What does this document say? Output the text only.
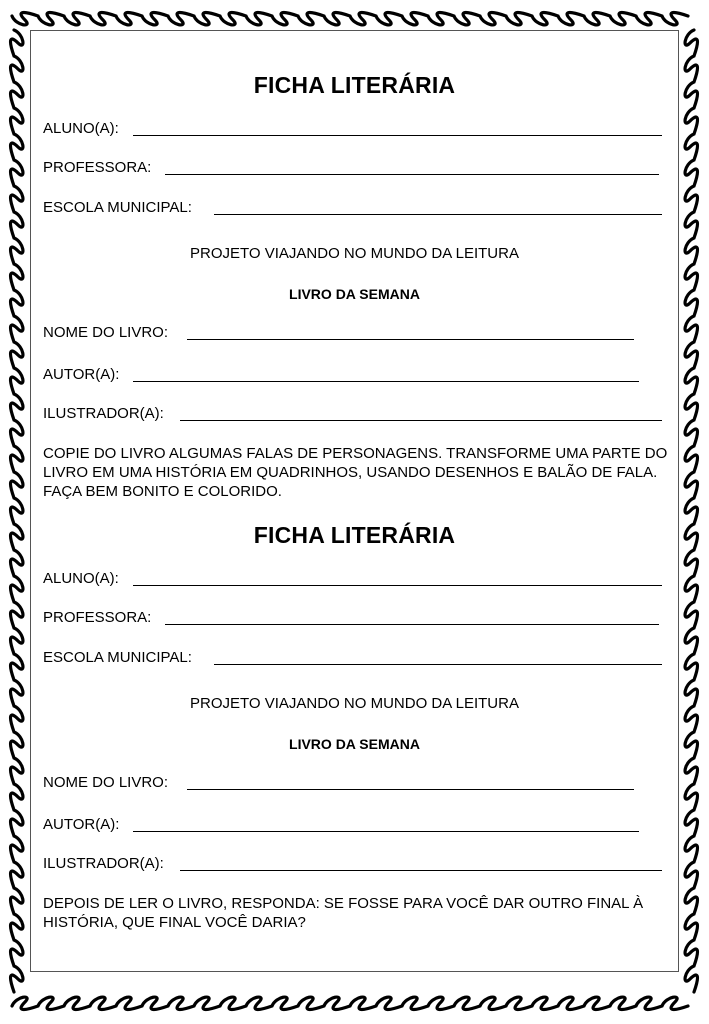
FICHA LITERÁRIA
ALUNO(A):
PROFESSORA:
ESCOLA MUNICIPAL:
PROJETO VIAJANDO NO MUNDO DA LEITURA
LIVRO DA SEMANA
NOME DO LIVRO:
AUTOR(A):
ILUSTRADOR(A):
COPIE DO LIVRO ALGUMAS FALAS DE PERSONAGENS. TRANSFORME UMA PARTE DO LIVRO EM UMA HISTÓRIA EM QUADRINHOS, USANDO DESENHOS E BALÃO DE FALA. FAÇA BEM BONITO E COLORIDO.
FICHA LITERÁRIA
ALUNO(A):
PROFESSORA:
ESCOLA MUNICIPAL:
PROJETO VIAJANDO NO MUNDO DA LEITURA
LIVRO DA SEMANA
NOME DO LIVRO:
AUTOR(A):
ILUSTRADOR(A):
DEPOIS DE LER O LIVRO, RESPONDA: SE FOSSE PARA VOCÊ DAR OUTRO FINAL À HISTÓRIA, QUE FINAL VOCÊ DARIA?
